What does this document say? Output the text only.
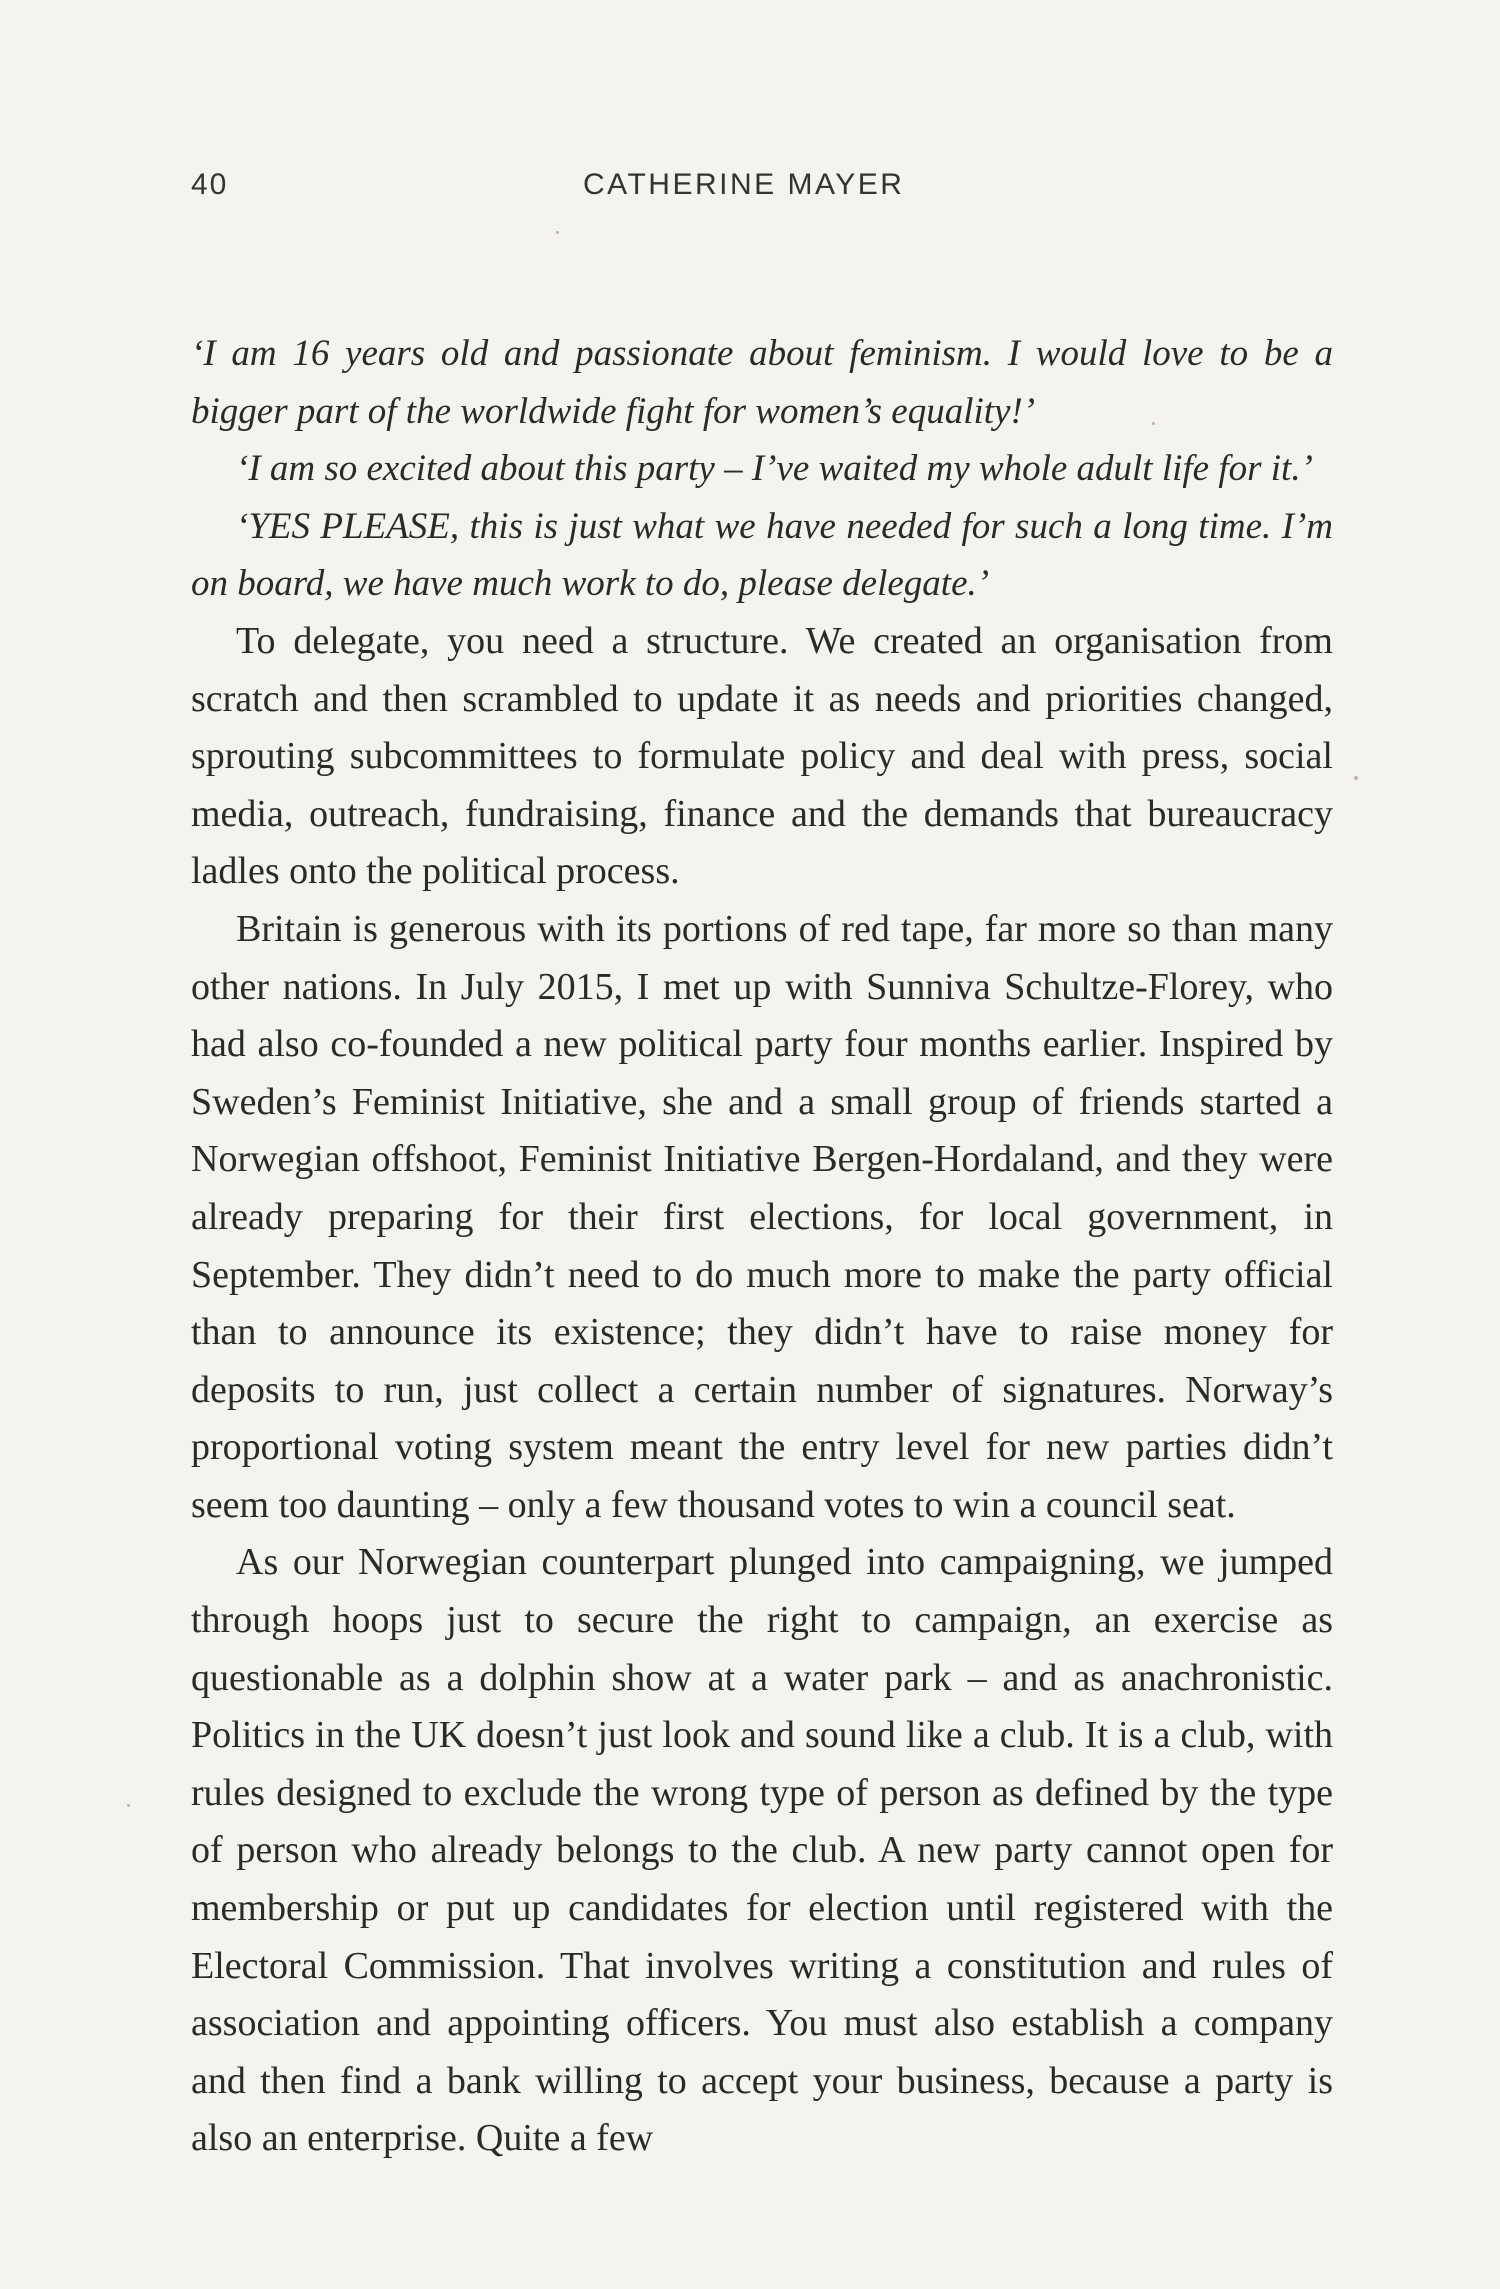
40	CATHERINE MAYER

‘I am 16 years old and passionate about feminism. I would love to be a bigger part of the worldwide fight for women’s equality!’

‘I am so excited about this party – I’ve waited my whole adult life for it.’

‘YES PLEASE, this is just what we have needed for such a long time. I’m on board, we have much work to do, please delegate.’

To delegate, you need a structure. We created an organisation from scratch and then scrambled to update it as needs and priorities changed, sprouting subcommittees to formulate policy and deal with press, social media, outreach, fundraising, finance and the demands that bureaucracy ladles onto the political process.

Britain is generous with its portions of red tape, far more so than many other nations. In July 2015, I met up with Sunniva Schultze-Florey, who had also co-founded a new political party four months earlier. Inspired by Sweden’s Feminist Initiative, she and a small group of friends started a Norwegian offshoot, Feminist Initiative Bergen-Hordaland, and they were already preparing for their first elections, for local government, in September. They didn’t need to do much more to make the party official than to announce its existence; they didn’t have to raise money for deposits to run, just collect a certain number of signatures. Norway’s proportional voting system meant the entry level for new parties didn’t seem too daunting – only a few thousand votes to win a council seat.

As our Norwegian counterpart plunged into campaigning, we jumped through hoops just to secure the right to campaign, an exercise as questionable as a dolphin show at a water park – and as anachronistic. Politics in the UK doesn’t just look and sound like a club. It is a club, with rules designed to exclude the wrong type of person as defined by the type of person who already belongs to the club. A new party cannot open for membership or put up candidates for election until registered with the Electoral Commission. That involves writing a constitution and rules of association and appointing officers. You must also establish a company and then find a bank willing to accept your business, because a party is also an enterprise. Quite a few
